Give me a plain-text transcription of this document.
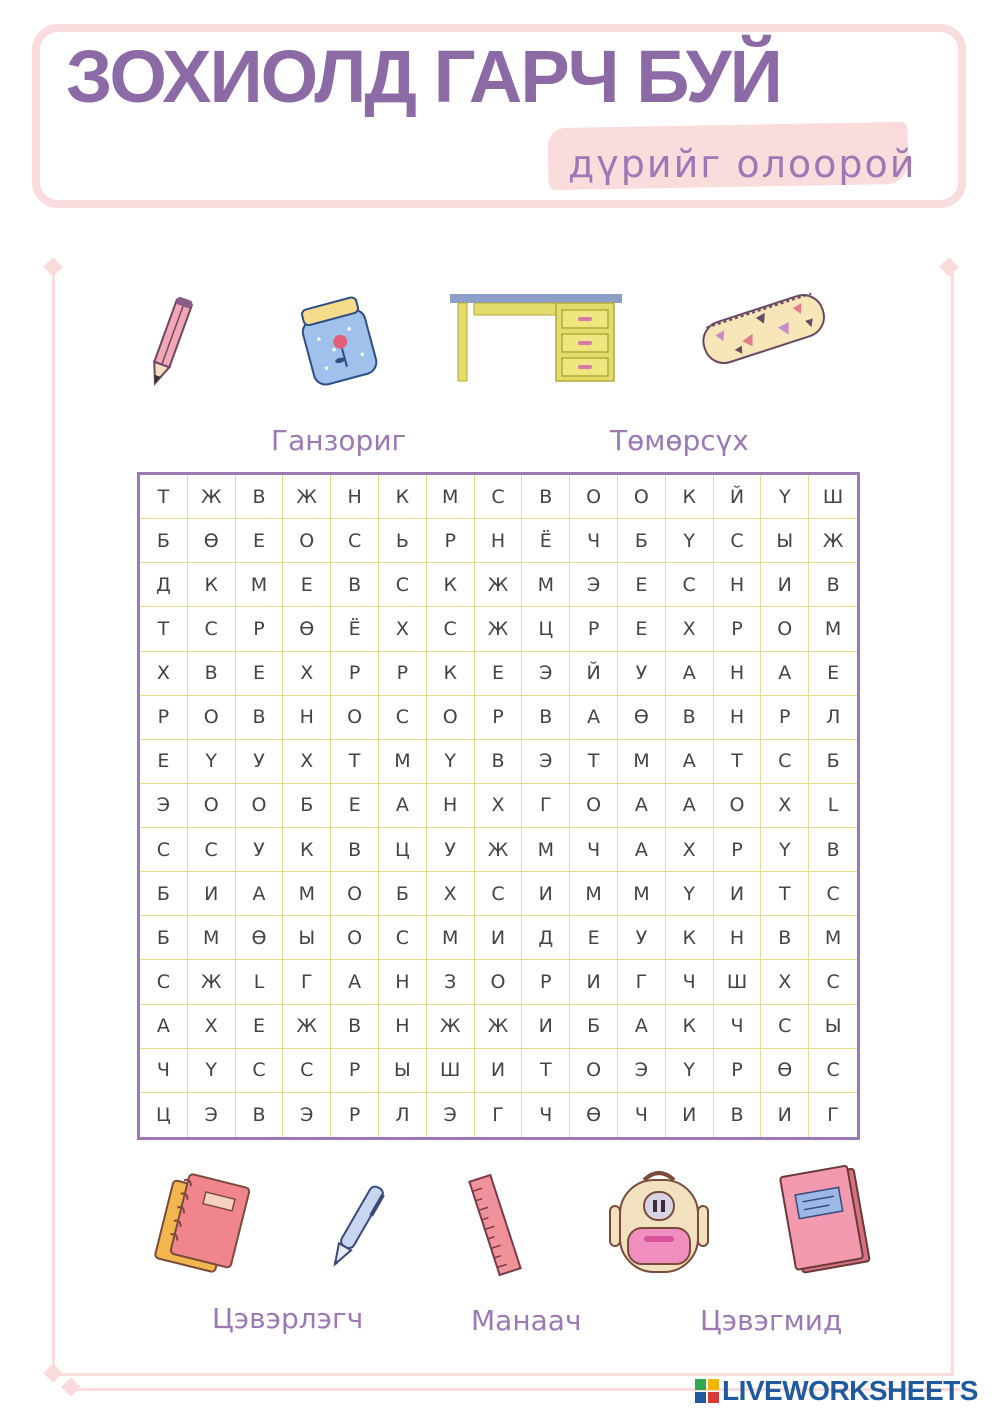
ЗОХИОЛД ГАРЧ БУЙ
дүрийг олоорой
Ганзориг	Төмөрсүх
Т	Ж	В	Ж	Н	К	М	С	В	О	О	К	Й	Ү	Ш
Б	Ө	Е	О	С	Ь	Р	Н	Ё	Ч	Б	Ү	С	Ы	Ж
Д	К	М	Е	В	С	К	Ж	М	Э	Е	С	Н	И	В
Т	С	Р	Ө	Ё	Х	С	Ж	Ц	Р	Е	Х	Р	О	М
Х	В	Е	Х	Р	Р	К	Е	Э	Й	У	А	Н	А	Е
Р	О	В	Н	О	С	О	Р	В	А	Ө	В	Н	Р	Л
Е	Ү	У	Х	Т	М	Ү	В	Э	Т	М	А	Т	С	Б
Э	О	О	Б	Е	А	Н	Х	Г	О	А	А	О	Х	L
С	С	У	К	В	Ц	У	Ж	М	Ч	А	Х	Р	Ү	В
Б	И	А	М	О	Б	Х	С	И	М	М	Ү	И	Т	С
Б	М	Ө	Ы	О	С	М	И	Д	Е	У	К	Н	В	М
С	Ж	L	Г	А	Н	З	О	Р	И	Г	Ч	Ш	Х	С
А	Х	Е	Ж	В	Н	Ж	Ж	И	Б	А	К	Ч	С	Ы
Ч	Ү	С	С	Р	Ы	Ш	И	Т	О	Э	Ү	Р	Ө	С
Ц	Э	В	Э	Р	Л	Э	Г	Ч	Ө	Ч	И	В	И	Г
Цэвэрлэгч	Манаач	Цэвэгмид
LIVEWORKSHEETS
